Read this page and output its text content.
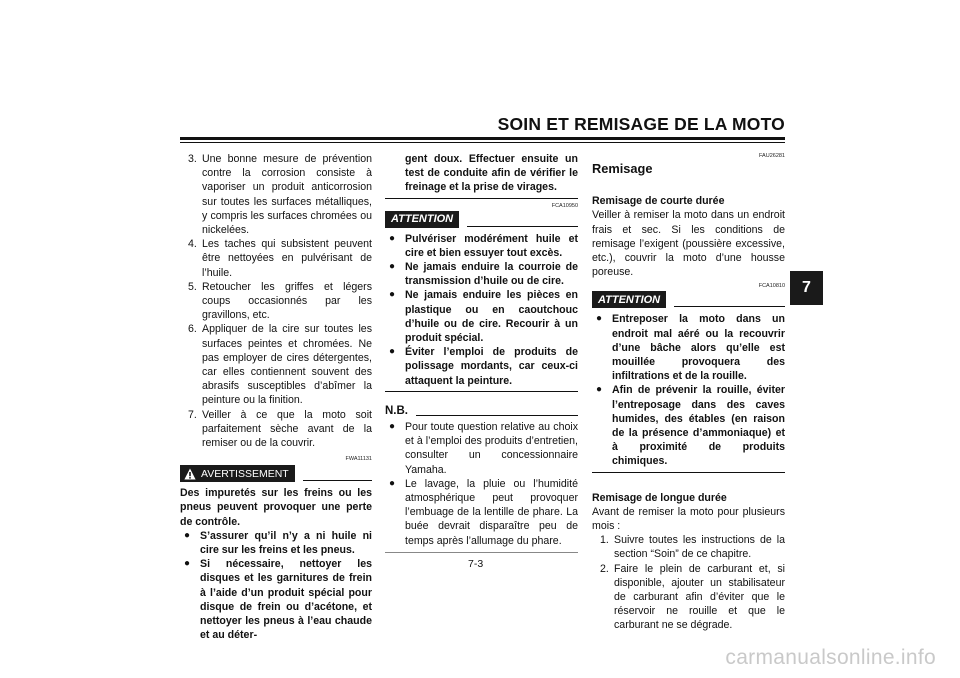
SOIN ET REMISAGE DE LA MOTO
7
3. Une bonne mesure de prévention contre la corrosion consiste à vaporiser un produit anticorrosion sur toutes les surfaces métalliques, y compris les surfaces chromées ou nickelées.
4. Les taches qui subsistent peuvent être nettoyées en pulvérisant de l’huile.
5. Retoucher les griffes et légers coups occasionnés par les gravillons, etc.
6. Appliquer de la cire sur toutes les surfaces peintes et chromées. Ne pas employer de cires détergentes, car elles contiennent souvent des abrasifs susceptibles d’abîmer la peinture ou la finition.
7. Veiller à ce que la moto soit parfaitement sèche avant de la remiser ou de la couvrir.
FWA11131
AVERTISSEMENT

Des impuretés sur les freins ou les pneus peuvent provoquer une perte de contrôle.

● S’assurer qu’il n’y a ni huile ni cire sur les freins et les pneus.
● Si nécessaire, nettoyer les disques et les garnitures de frein à l’aide d’un produit spécial pour disque de frein ou d’acétone, et nettoyer les pneus à l’eau chaude et au déter-
gent doux. Effectuer ensuite un test de conduite afin de vérifier le freinage et la prise de virages.
FCA10950
ATTENTION
● Pulvériser modérément huile et cire et bien essuyer tout excès.
● Ne jamais enduire la courroie de transmission d’huile ou de cire.
● Ne jamais enduire les pièces en plastique ou en caoutchouc d’huile ou de cire. Recourir à un produit spécial.
● Éviter l’emploi de produits de polissage mordants, car ceux-ci attaquent la peinture.
N.B.
● Pour toute question relative au choix et à l’emploi des produits d’entretien, consulter un concessionnaire Yamaha.
● Le lavage, la pluie ou l’humidité atmosphérique peut provoquer l’embuage de la lentille de phare. La buée devrait disparaître peu de temps après l’allumage du phare.
FAU26281
Remisage

Remisage de courte durée

Veiller à remiser la moto dans un endroit frais et sec. Si les conditions de remisage l’exigent (poussière excessive, etc.), couvrir la moto d’une housse poreuse.

FCA10810
ATTENTION
● Entreposer la moto dans un endroit mal aéré ou la recouvrir d’une bâche alors qu’elle est mouillée provoquera des infiltrations et de la rouille.
● Afin de prévenir la rouille, éviter l’entreposage dans des caves humides, des étables (en raison de la présence d’ammoniaque) et à proximité de produits chimiques.

Remisage de longue durée

Avant de remiser la moto pour plusieurs mois :

1. Suivre toutes les instructions de la section “Soin” de ce chapitre.
2. Faire le plein de carburant et, si disponible, ajouter un stabilisateur de carburant afin d’éviter que le réservoir ne rouille et que le carburant ne se dégrade.
7-3
carmanualsonline.info
